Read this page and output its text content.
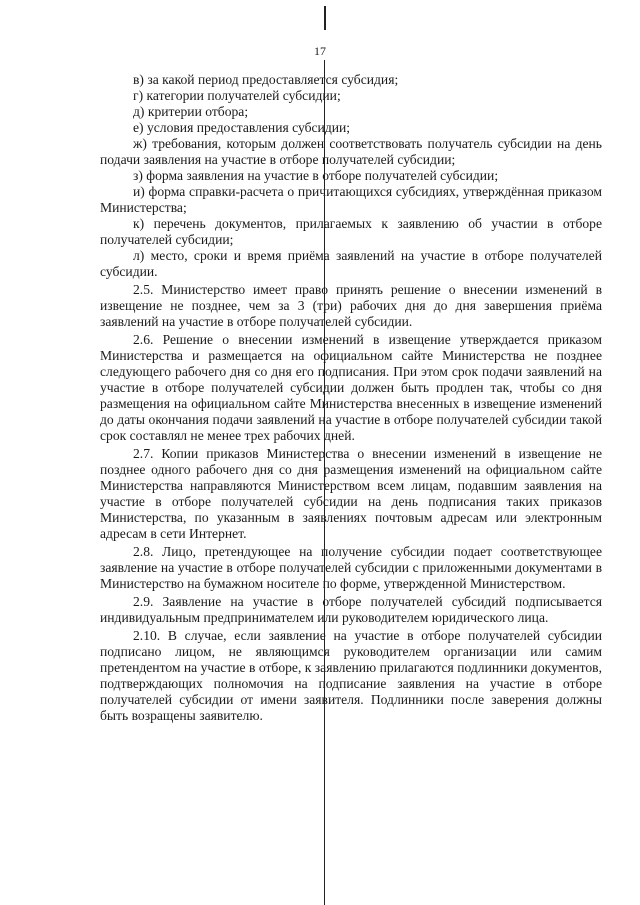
17

в) за какой период предоставляется субсидия;

г) категории получателей субсидии;

д) критерии отбора;

е) условия предоставления субсидии;

ж) требования, которым должен соответствовать получатель субсидии на день подачи заявления на участие в отборе получателей субсидии;

з) форма заявления на участие в отборе получателей субсидии;

и) форма справки-расчета о причитающихся субсидиях, утверждённая приказом Министерства;

к) перечень документов, прилагаемых к заявлению об участии в отборе получателей субсидии;

л) место, сроки и время приёма заявлений на участие в отборе получателей субсидии.

2.5. Министерство имеет право принять решение о внесении изменений в извещение не позднее, чем за 3 (три) рабочих дня до дня завершения приёма заявлений на участие в отборе получателей субсидии.

2.6. Решение о внесении изменений в извещение утверждается приказом Министерства и размещается на официальном сайте Министерства не позднее следующего рабочего дня со дня его подписания. При этом срок подачи заявлений на участие в отборе получателей субсидии должен быть продлен так, чтобы со дня размещения на официальном сайте Министерства внесенных в извещение изменений до даты окончания подачи заявлений на участие в отборе получателей субсидии такой срок составлял не менее трех рабочих дней.

2.7. Копии приказов Министерства о внесении изменений в извещение не позднее одного рабочего дня со дня размещения изменений на официальном сайте Министерства направляются Министерством всем лицам, подавшим заявления на участие в отборе получателей субсидии на день подписания таких приказов Министерства, по указанным в заявлениях почтовым адресам или электронным адресам в сети Интернет.

2.8. Лицо, претендующее на получение субсидии подает соответствующее заявление на участие в отборе получателей субсидии с приложенными документами в Министерство на бумажном носителе по форме, утвержденной Министерством.

2.9. Заявление на участие в отборе получателей субсидий подписывается индивидуальным предпринимателем или руководителем юридического лица.

2.10. В случае, если заявление на участие в отборе получателей субсидии подписано лицом, не являющимся руководителем организации или самим претендентом на участие в отборе, к заявлению прилагаются подлинники документов, подтверждающих полномочия на подписание заявления на участие в отборе получателей субсидии от имени заявителя. Подлинники после заверения должны быть возращены заявителю.
